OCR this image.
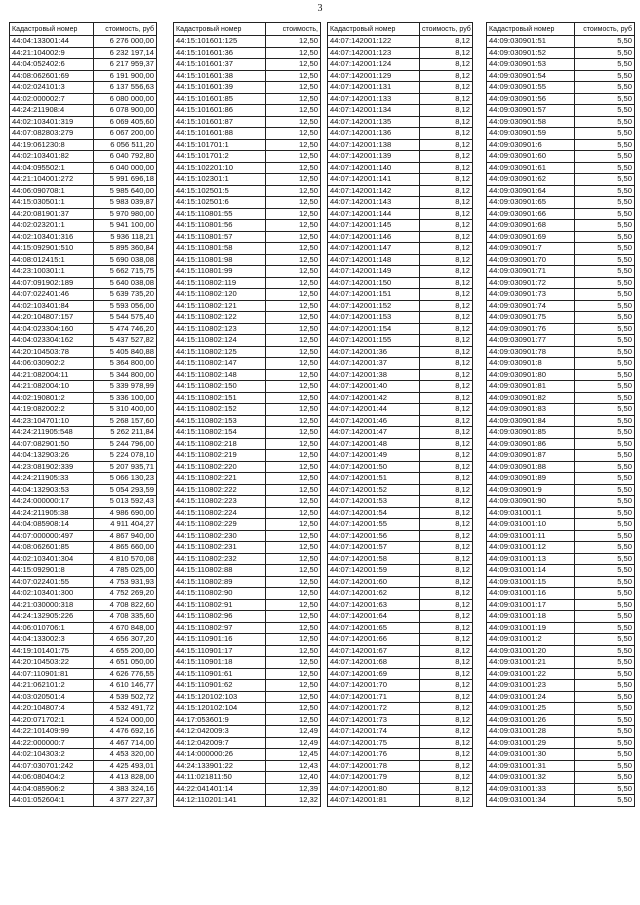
3
Кадастровый номер	стоимость, руб
44:04:133001:44	6 276 000,00
44:21:104002:9	6 232 197,14
44:04:052402:6	6 217 959,37
44:08:062601:69	6 191 900,00
44:02:024101:3	6 137 556,63
44:02:000002:7	6 080 000,00
44:24:211908:4	6 078 900,00
44:02:103401:319	6 069 405,60
44:07:082803:279	6 067 200,00
44:19:061230:8	6 056 511,20
44:02:103401:82	6 040 792,80
44:04:095502:1	6 040 000,00
44:21:104001:272	5 991 696,18
44:06:090708:1	5 985 640,00
44:15:030501:1	5 983 039,87
44:20:081901:37	5 970 980,00
44:02:023201:1	5 941 100,00
44:02:103401:316	5 936 118,21
44:15:092901:510	5 895 360,84
44:08:012415:1	5 690 038,08
44:23:100301:1	5 662 715,75
44:07:091902:189	5 640 038,08
44:07:022401:46	5 639 735,20
44:02:103401:84	5 593 056,00
44:20:104807:157	5 544 575,40
44:04:023304:160	5 474 746,20
44:04:023304:162	5 437 527,82
44:20:104503:78	5 405 840,88
44:06:030902:2	5 364 800,00
44:21:082004:11	5 344 800,00
44:21:082004:10	5 339 978,99
44:02:190801:2	5 336 100,00
44:19:082002:2	5 310 400,00
44:23:104701:10	5 268 157,60
44:24:211905:548	5 262 211,84
44:07:082901:50	5 244 796,00
44:04:132903:26	5 224 078,10
44:23:081902:339	5 207 935,71
44:24:211905:33	5 066 130,23
44:04:132903:53	5 054 293,59
44:24:000000:17	5 013 592,43
44:24:211905:38	4 986 690,00
44:04:085908:14	4 911 404,27
44:07:000000:497	4 867 940,00
44:08:062601:85	4 865 660,00
44:02:103401:304	4 810 570,08
44:15:092901:8	4 785 025,00
44:07:022401:55	4 753 931,93
44:02:103401:300	4 752 269,20
44:21:030000:318	4 708 822,60
44:24:132905:226	4 708 335,60
44:06:010706:1	4 670 848,00
44:04:133002:3	4 656 307,20
44:19:101401:75	4 655 200,00
44:20:104503:22	4 651 050,00
44:07:110901:81	4 626 776,55
44:21:062101:2	4 610 146,77
44:03:020501:4	4 539 502,72
44:20:104807:4	4 532 491,72
44:20:071702:1	4 524 000,00
44:22:101409:99	4 476 692,16
44:22:000000:7	4 467 714,00
44:02:104303:2	4 453 320,00
44:07:030701:242	4 425 493,01
44:06:080404:2	4 413 828,00
44:04:085906:2	4 383 324,16
44:01:052604:1	4 377 227,37
Кадастровый номер	стоимость,
44:15:101601:125	12,50
44:15:101601:36	12,50
44:15:101601:37	12,50
44:15:101601:38	12,50
44:15:101601:39	12,50
44:15:101601:85	12,50
44:15:101601:86	12,50
44:15:101601:87	12,50
44:15:101601:88	12,50
44:15:101701:1	12,50
44:15:101701:2	12,50
44:15:102201:10	12,50
44:15:102301:1	12,50
44:15:102501:5	12,50
44:15:102501:6	12,50
44:15:110801:55	12,50
44:15:110801:56	12,50
44:15:110801:57	12,50
44:15:110801:58	12,50
44:15:110801:98	12,50
44:15:110801:99	12,50
44:15:110802:119	12,50
44:15:110802:120	12,50
44:15:110802:121	12,50
44:15:110802:122	12,50
44:15:110802:123	12,50
44:15:110802:124	12,50
44:15:110802:125	12,50
44:15:110802:147	12,50
44:15:110802:148	12,50
44:15:110802:150	12,50
44:15:110802:151	12,50
44:15:110802:152	12,50
44:15:110802:153	12,50
44:15:110802:154	12,50
44:15:110802:218	12,50
44:15:110802:219	12,50
44:15:110802:220	12,50
44:15:110802:221	12,50
44:15:110802:222	12,50
44:15:110802:223	12,50
44:15:110802:224	12,50
44:15:110802:229	12,50
44:15:110802:230	12,50
44:15:110802:231	12,50
44:15:110802:232	12,50
44:15:110802:88	12,50
44:15:110802:89	12,50
44:15:110802:90	12,50
44:15:110802:91	12,50
44:15:110802:96	12,50
44:15:110802:97	12,50
44:15:110901:16	12,50
44:15:110901:17	12,50
44:15:110901:18	12,50
44:15:110901:61	12,50
44:15:110901:62	12,50
44:15:120102:103	12,50
44:15:120102:104	12,50
44:17:053601:9	12,50
44:12:042009:3	12,49
44:12:042009:7	12,49
44:14:000000:26	12,45
44:24:133901:22	12,43
44:11:021811:50	12,40
44:22:041401:14	12,39
44:12:110201:141	12,32
Кадастровый номер	стоимость, руб
44:07:142001:122	8,12
44:07:142001:123	8,12
44:07:142001:124	8,12
44:07:142001:129	8,12
44:07:142001:131	8,12
44:07:142001:133	8,12
44:07:142001:134	8,12
44:07:142001:135	8,12
44:07:142001:136	8,12
44:07:142001:138	8,12
44:07:142001:139	8,12
44:07:142001:140	8,12
44:07:142001:141	8,12
44:07:142001:142	8,12
44:07:142001:143	8,12
44:07:142001:144	8,12
44:07:142001:145	8,12
44:07:142001:146	8,12
44:07:142001:147	8,12
44:07:142001:148	8,12
44:07:142001:149	8,12
44:07:142001:150	8,12
44:07:142001:151	8,12
44:07:142001:152	8,12
44:07:142001:153	8,12
44:07:142001:154	8,12
44:07:142001:155	8,12
44:07:142001:36	8,12
44:07:142001:37	8,12
44:07:142001:38	8,12
44:07:142001:40	8,12
44:07:142001:42	8,12
44:07:142001:44	8,12
44:07:142001:46	8,12
44:07:142001:47	8,12
44:07:142001:48	8,12
44:07:142001:49	8,12
44:07:142001:50	8,12
44:07:142001:51	8,12
44:07:142001:52	8,12
44:07:142001:53	8,12
44:07:142001:54	8,12
44:07:142001:55	8,12
44:07:142001:56	8,12
44:07:142001:57	8,12
44:07:142001:58	8,12
44:07:142001:59	8,12
44:07:142001:60	8,12
44:07:142001:62	8,12
44:07:142001:63	8,12
44:07:142001:64	8,12
44:07:142001:65	8,12
44:07:142001:66	8,12
44:07:142001:67	8,12
44:07:142001:68	8,12
44:07:142001:69	8,12
44:07:142001:70	8,12
44:07:142001:71	8,12
44:07:142001:72	8,12
44:07:142001:73	8,12
44:07:142001:74	8,12
44:07:142001:75	8,12
44:07:142001:76	8,12
44:07:142001:78	8,12
44:07:142001:79	8,12
44:07:142001:80	8,12
44:07:142001:81	8,12
Кадастровый номер	стоимость, руб
44:09:030901:51	5,50
44:09:030901:52	5,50
44:09:030901:53	5,50
44:09:030901:54	5,50
44:09:030901:55	5,50
44:09:030901:56	5,50
44:09:030901:57	5,50
44:09:030901:58	5,50
44:09:030901:59	5,50
44:09:030901:6	5,50
44:09:030901:60	5,50
44:09:030901:61	5,50
44:09:030901:62	5,50
44:09:030901:64	5,50
44:09:030901:65	5,50
44:09:030901:66	5,50
44:09:030901:68	5,50
44:09:030901:69	5,50
44:09:030901:7	5,50
44:09:030901:70	5,50
44:09:030901:71	5,50
44:09:030901:72	5,50
44:09:030901:73	5,50
44:09:030901:74	5,50
44:09:030901:75	5,50
44:09:030901:76	5,50
44:09:030901:77	5,50
44:09:030901:78	5,50
44:09:030901:8	5,50
44:09:030901:80	5,50
44:09:030901:81	5,50
44:09:030901:82	5,50
44:09:030901:83	5,50
44:09:030901:84	5,50
44:09:030901:85	5,50
44:09:030901:86	5,50
44:09:030901:87	5,50
44:09:030901:88	5,50
44:09:030901:89	5,50
44:09:030901:9	5,50
44:09:030901:90	5,50
44:09:031001:1	5,50
44:09:031001:10	5,50
44:09:031001:11	5,50
44:09:031001:12	5,50
44:09:031001:13	5,50
44:09:031001:14	5,50
44:09:031001:15	5,50
44:09:031001:16	5,50
44:09:031001:17	5,50
44:09:031001:18	5,50
44:09:031001:19	5,50
44:09:031001:2	5,50
44:09:031001:20	5,50
44:09:031001:21	5,50
44:09:031001:22	5,50
44:09:031001:23	5,50
44:09:031001:24	5,50
44:09:031001:25	5,50
44:09:031001:26	5,50
44:09:031001:28	5,50
44:09:031001:29	5,50
44:09:031001:30	5,50
44:09:031001:31	5,50
44:09:031001:32	5,50
44:09:031001:33	5,50
44:09:031001:34	5,50
